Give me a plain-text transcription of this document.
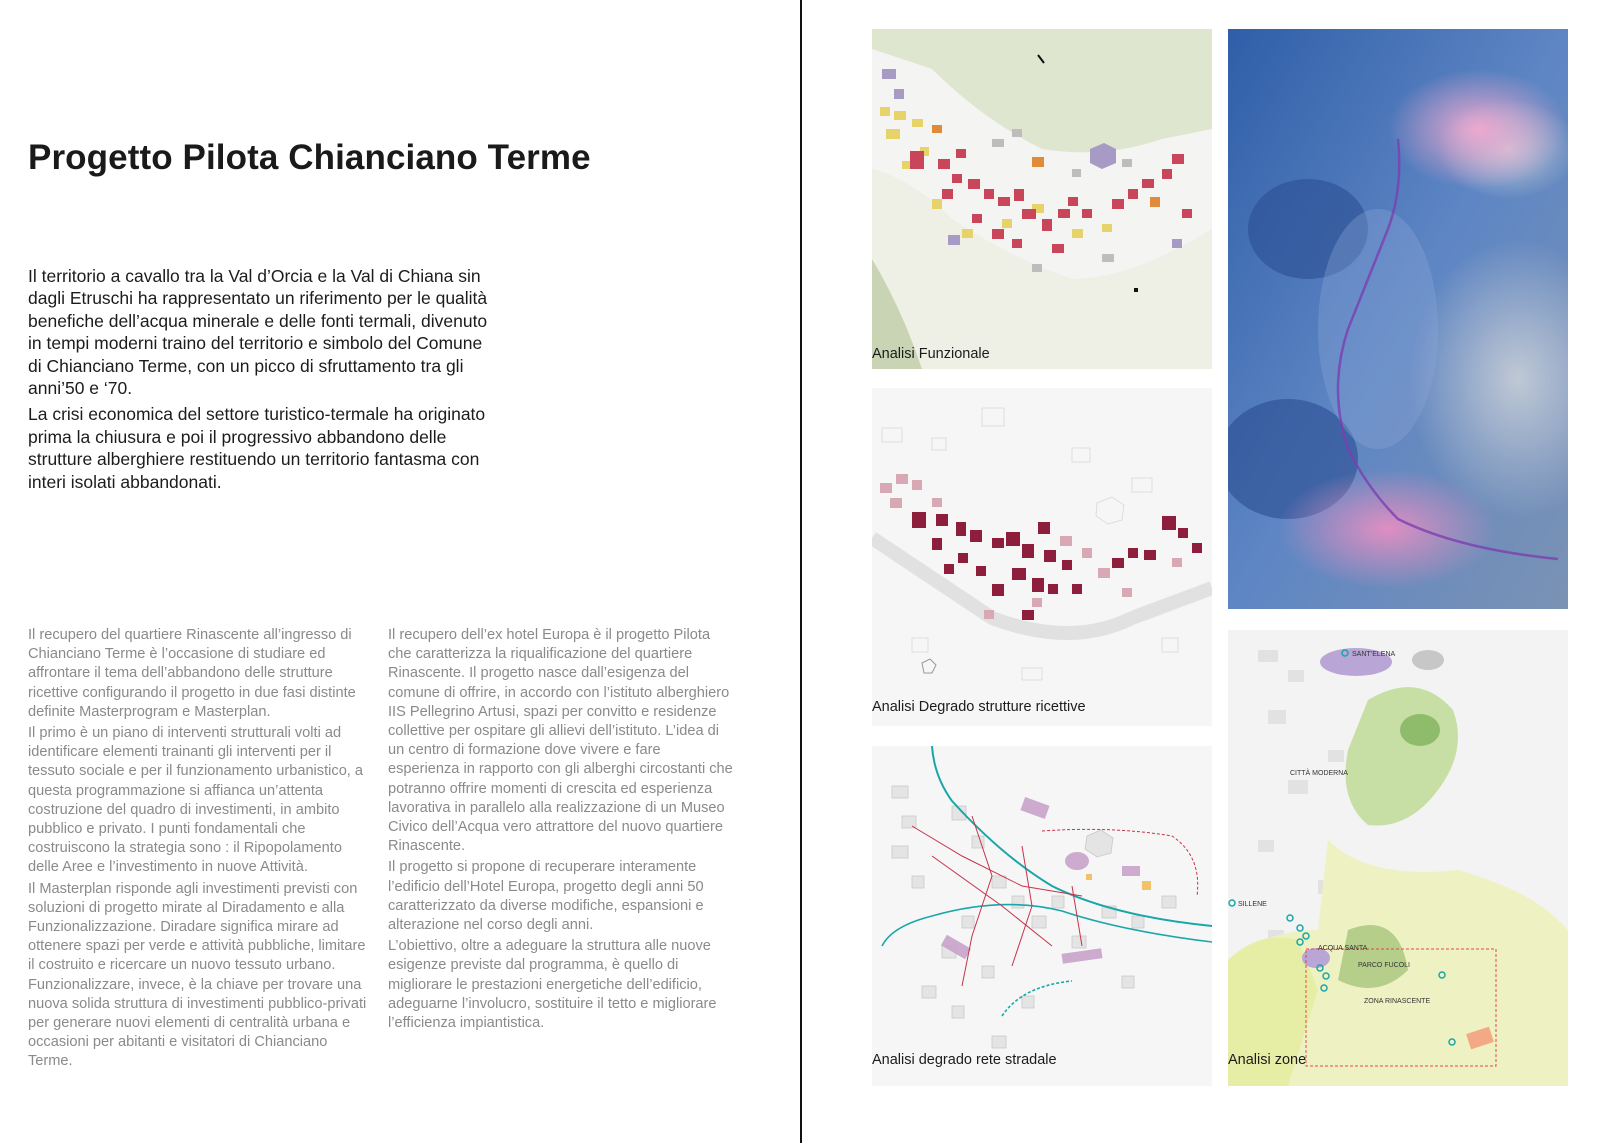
Progetto Pilota Chianciano Terme

Il territorio a cavallo tra la Val d’Orcia e la Val di Chiana sin dagli Etruschi ha rappresentato un riferimento per le qualità benefiche dell’acqua minerale e delle fonti termali, divenuto in tempi moderni traino del territorio e simbolo del Comune di Chianciano Terme, con un picco di sfruttamento tra gli anni’50 e ‘70.

La crisi economica del settore turistico-termale ha originato prima la chiusura e poi il progressivo abbandono delle strutture alberghiere restituendo un territorio fantasma con interi isolati abbandonati.

Il recupero del quartiere Rinascente all’ingresso di Chianciano Terme è l’occasione di studiare ed affrontare il tema dell’abbandono delle strutture ricettive configurando il progetto in due fasi distinte definite Masterprogram e Masterplan.

Il primo è un piano di interventi strutturali volti ad identificare elementi trainanti gli interventi per il tessuto sociale e per il funzionamento urbanistico, a questa programmazione si affianca un’attenta costruzione del quadro di investimenti, in ambito pubblico e privato. I punti fondamentali che costruiscono la strategia sono : il Ripopolamento delle Aree e l’investimento in nuove Attività.

Il Masterplan risponde agli investimenti previsti con soluzioni di progetto mirate al Diradamento e alla Funzionalizzazione. Diradare significa mirare ad ottenere spazi per verde e attività pubbliche, limitare il costruito e ricercare un nuovo tessuto urbano. Funzionalizzare, invece, è la chiave per trovare una nuova solida struttura di investimenti pubblico-privati per generare nuovi elementi di centralità urbana e occasioni per abitanti e visitatori di Chianciano Terme.

Il recupero dell’ex hotel Europa è il progetto Pilota che caratterizza la riqualificazione del quartiere Rinascente. Il progetto nasce dall’esigenza del comune di offrire, in accordo con l’istituto alberghiero IIS Pellegrino Artusi, spazi per convitto e residenze collettive per ospitare gli allievi dell’istituto. L’idea di un centro di formazione dove vivere e fare esperienza in rapporto con gli alberghi circostanti che potranno offrire momenti di crescita ed esperienza lavorativa in parallelo alla realizzazione di un Museo Civico dell’Acqua vero attrattore del nuovo quartiere Rinascente.

Il progetto si propone di recuperare interamente l’edificio dell’Hotel Europa, progetto degli anni 50 caratterizzato da diverse modifiche, espansioni e alterazione nel corso degli anni.

L’obiettivo, oltre a adeguare la struttura alle nuove esigenze previste dal programma, è quello di migliorare le prestazioni energetiche dell’edificio, adeguarne l’involucro, sostituire il tetto e migliorare l’efficienza impiantistica.

Analisi Funzionale
Analisi Degrado strutture ricettive
Analisi degrado rete stradale
SANT’ELENA
CITTÀ MODERNA
SILLENE
ACQUA SANTA
PARCO FUCOLI
ZONA RINASCENTE
Analisi zone
